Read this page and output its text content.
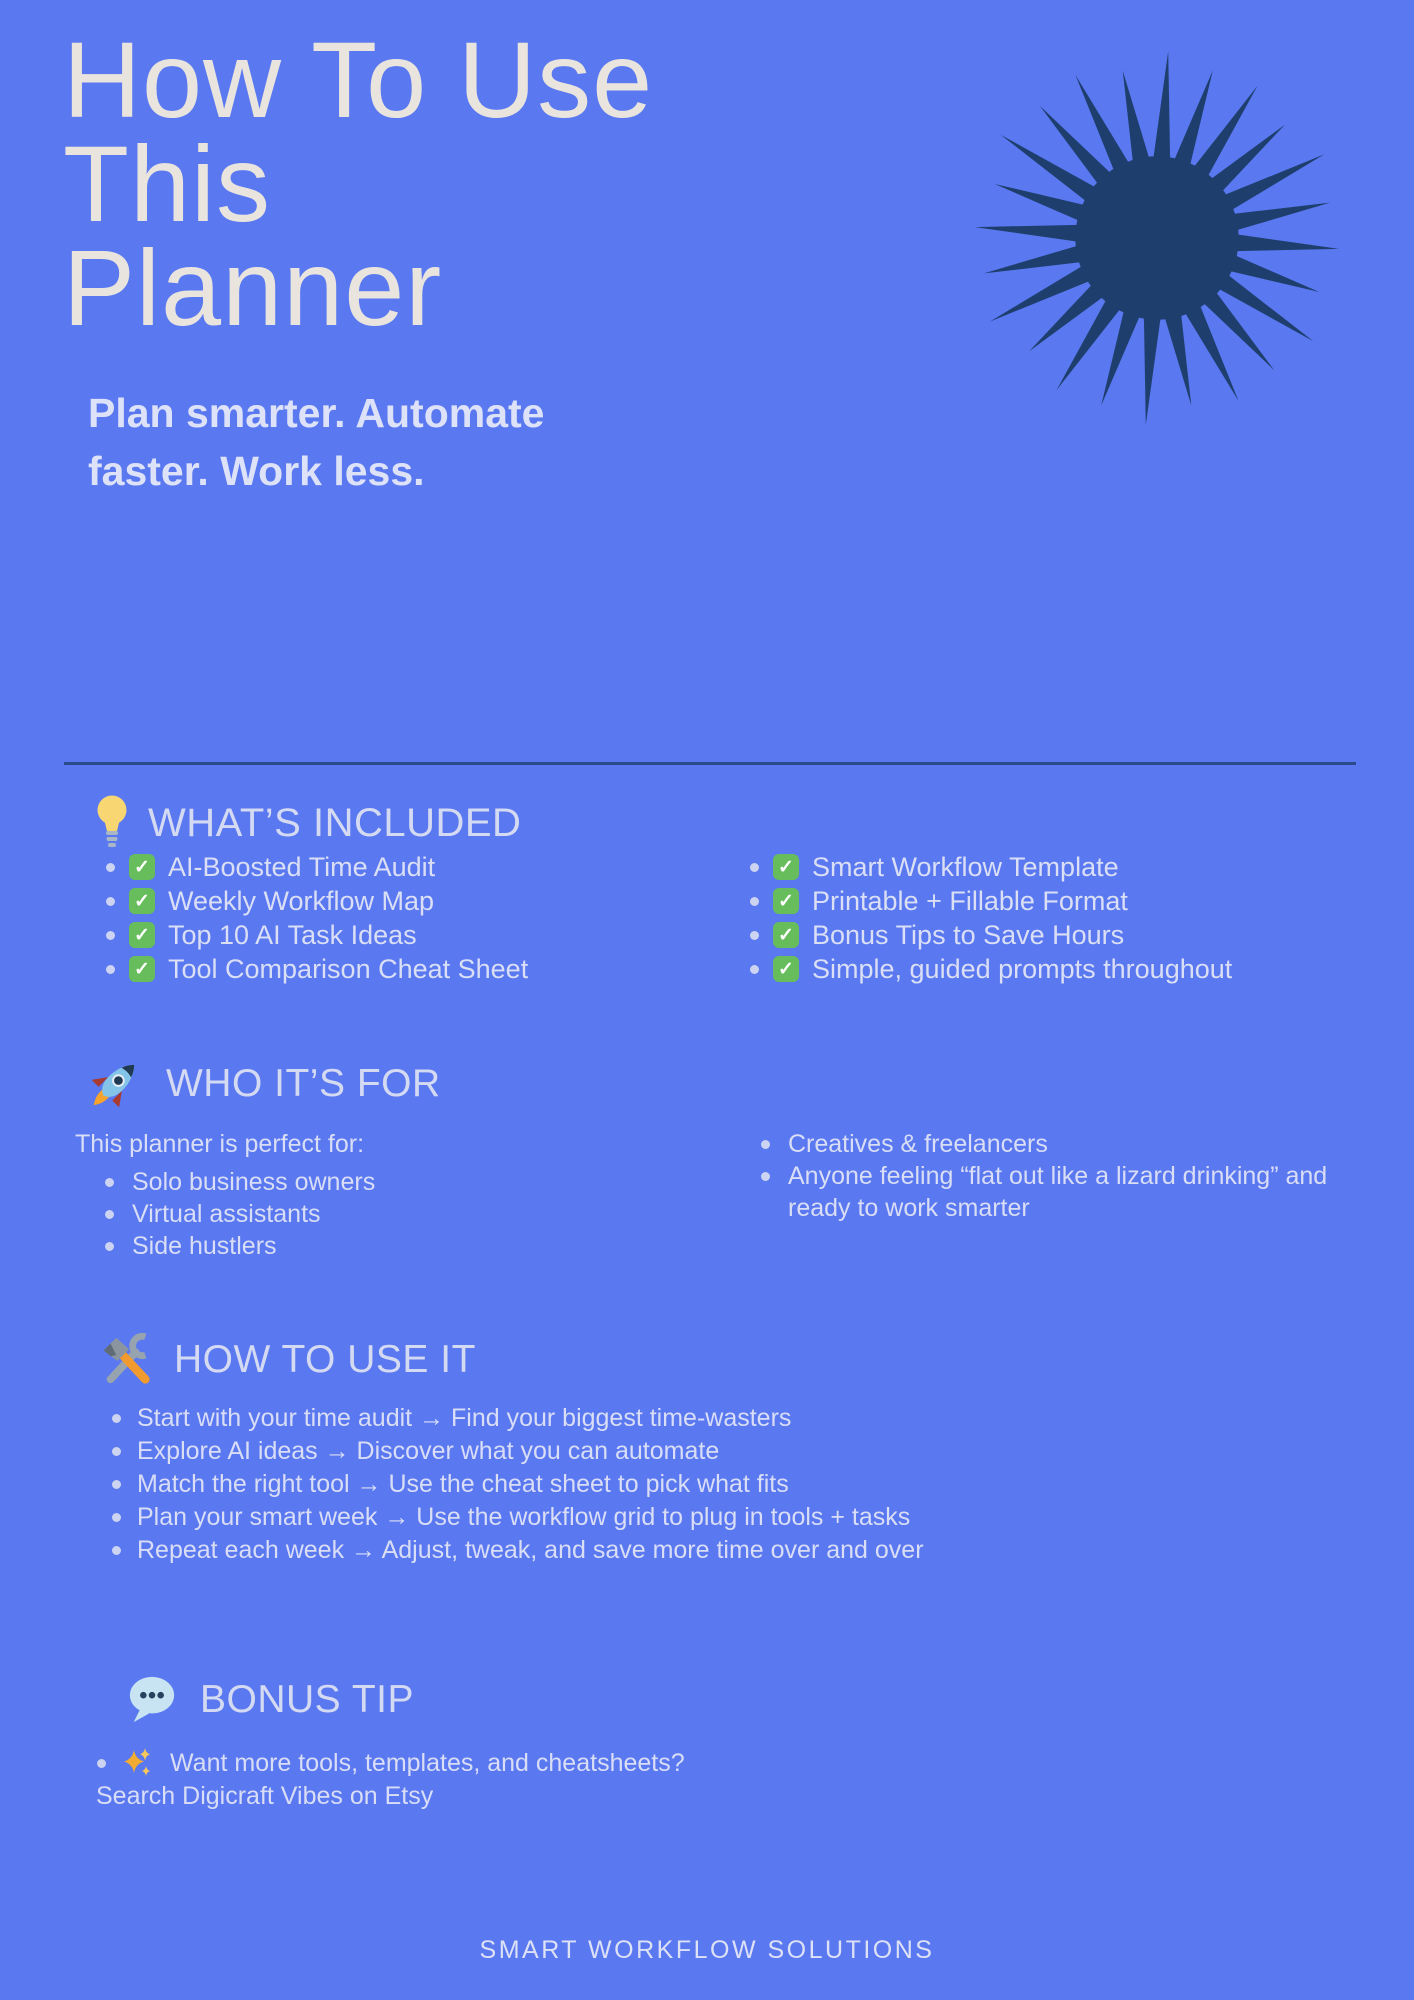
How To Use
This
Planner
Plan smarter. Automate
faster. Work less.
WHAT’S INCLUDED
✓
AI-Boosted Time Audit
✓
Weekly Workflow Map
✓
Top 10 AI Task Ideas
✓
Tool Comparison Cheat Sheet
✓
Smart Workflow Template
✓
Printable + Fillable Format
✓
Bonus Tips to Save Hours
✓
Simple, guided prompts throughout
WHO IT’S FOR
This planner is perfect for:
Solo business owners
Virtual assistants
Side hustlers
Creatives & freelancers
Anyone feeling “flat out like a lizard drinking” and ready to work smarter
HOW TO USE IT
Start with your time audit → Find your biggest time-wasters
Explore AI ideas → Discover what you can automate
Match the right tool → Use the cheat sheet to pick what fits
Plan your smart week → Use the workflow grid to plug in tools + tasks
Repeat each week → Adjust, tweak, and save more time over and over
BONUS TIP
Want more tools, templates, and cheatsheets?
Search Digicraft Vibes on Etsy
SMART WORKFLOW SOLUTIONS
